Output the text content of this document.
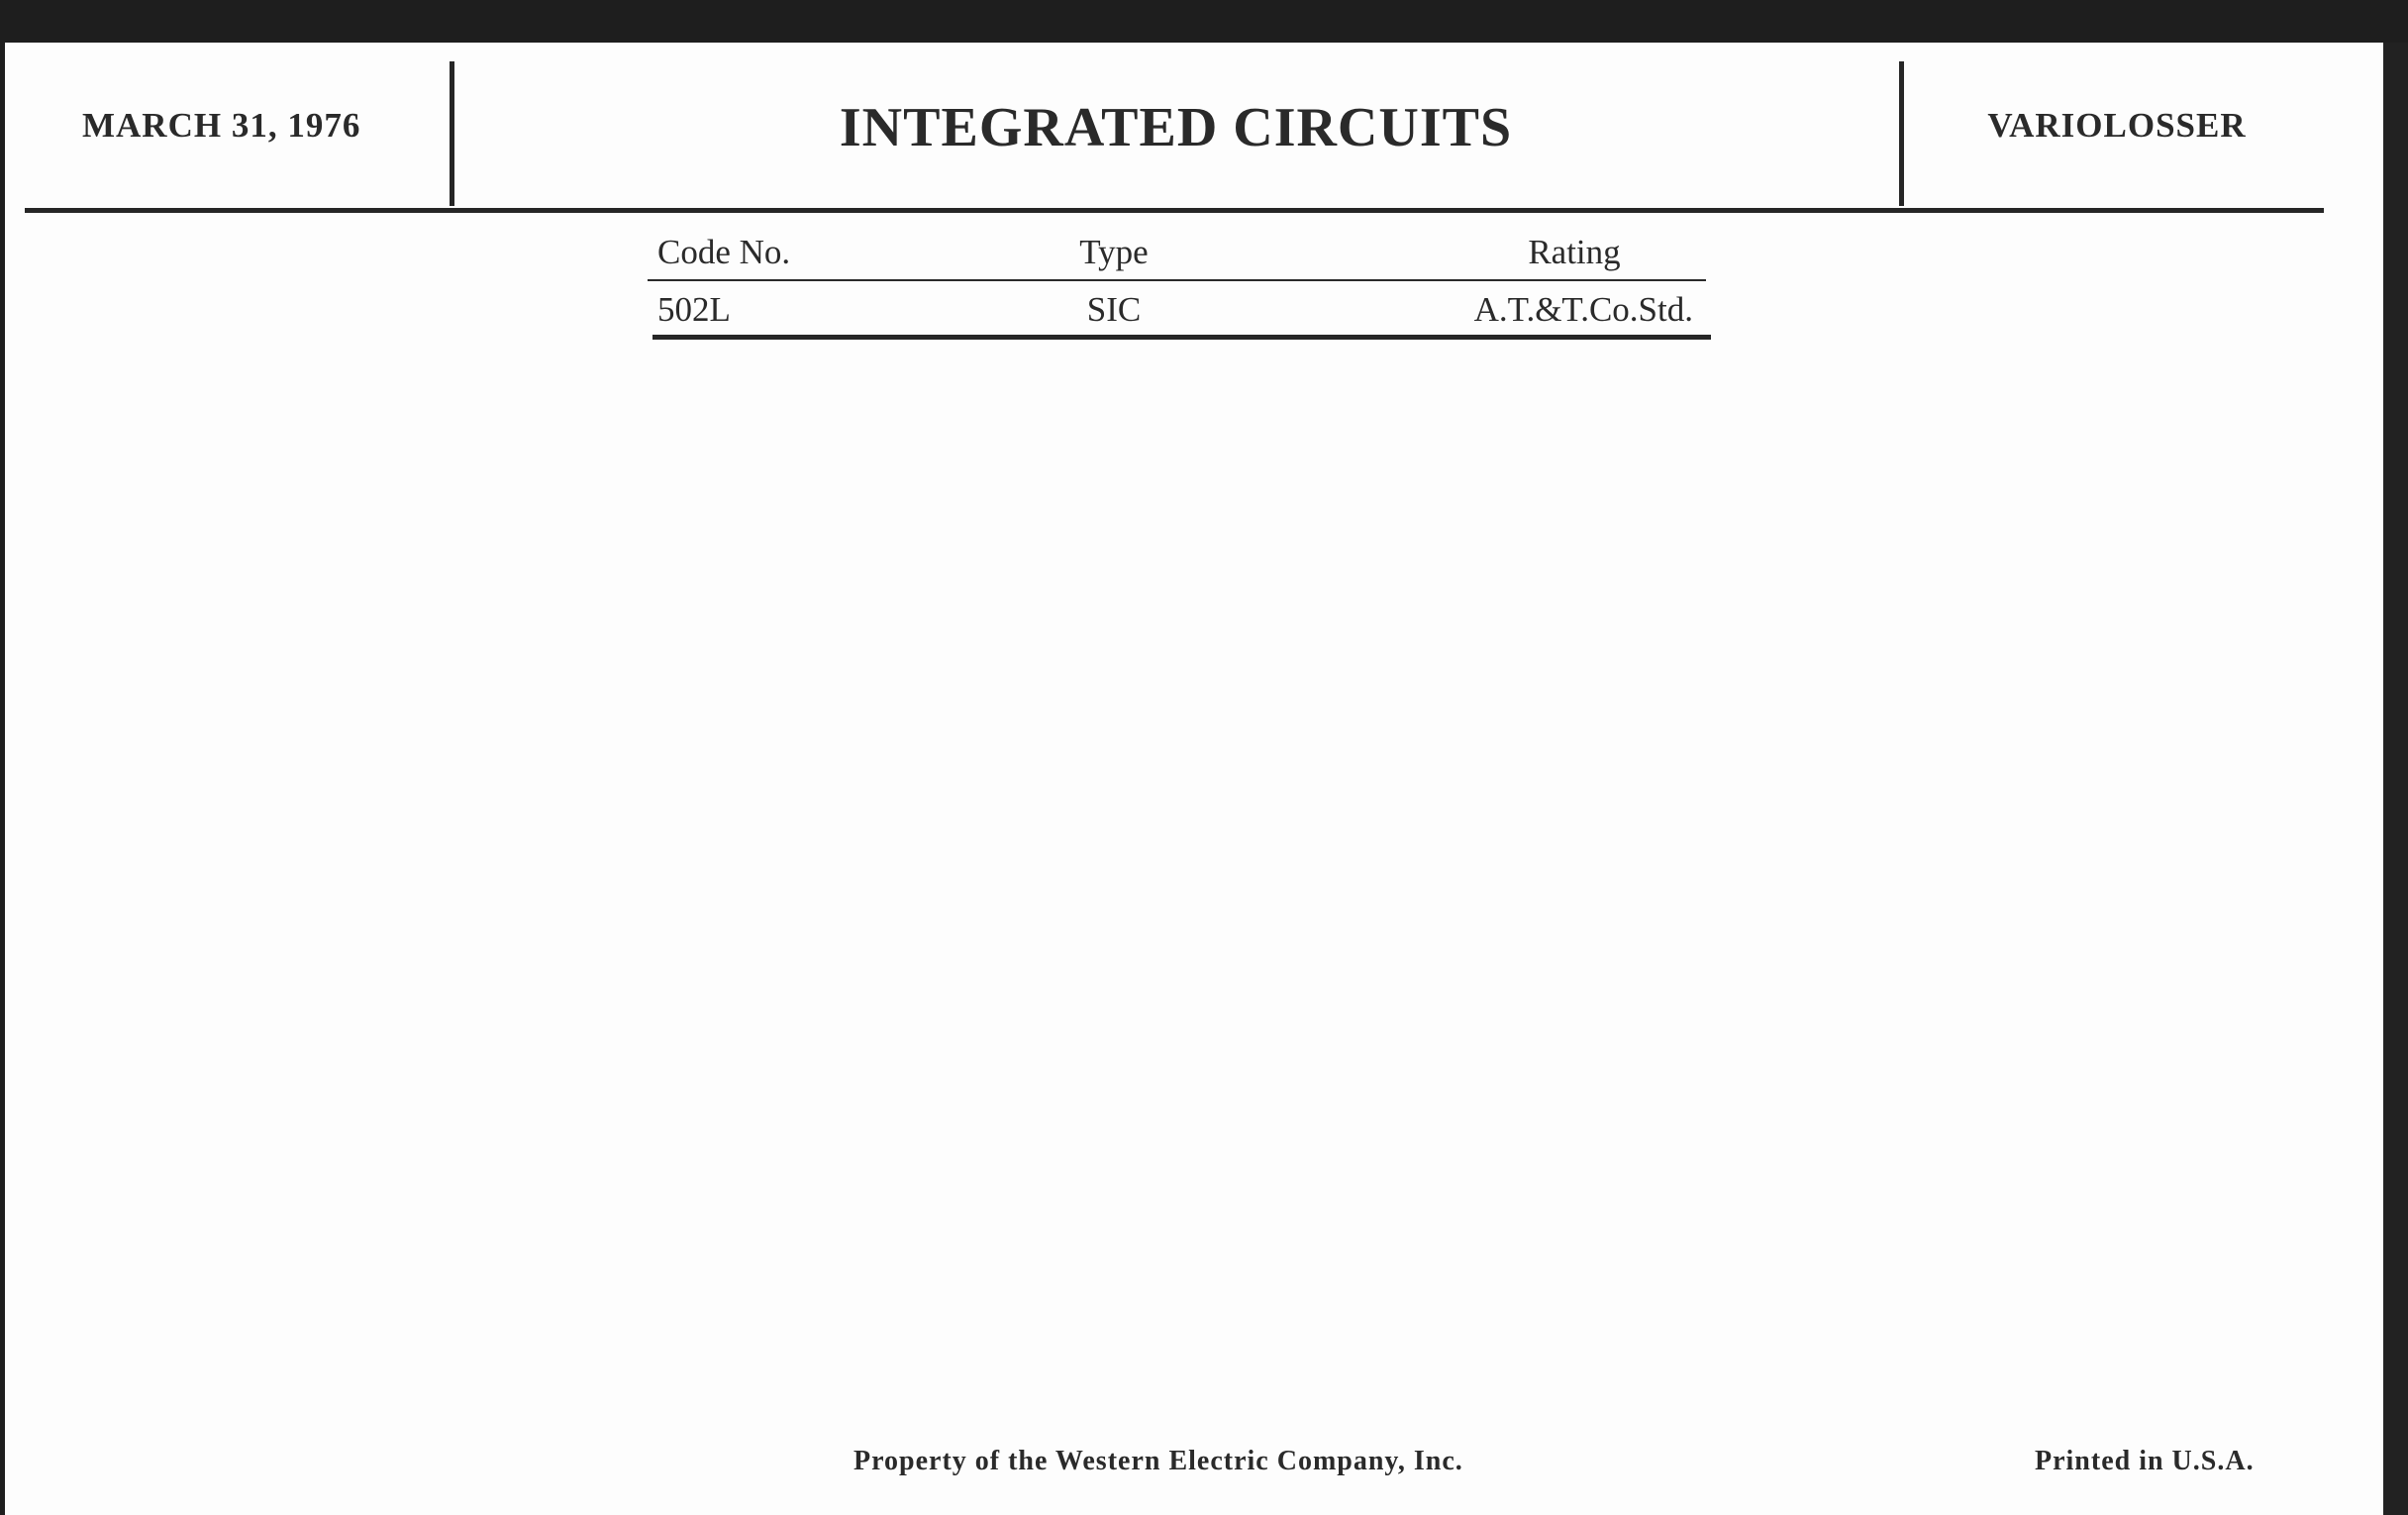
MARCH 31, 1976	INTEGRATED CIRCUITS	VARIOLOSSER
Code No.	Type	Rating
502L	SIC	A.T.&T.Co.Std.
Property of the Western Electric Company, Inc.	Printed in U.S.A.
